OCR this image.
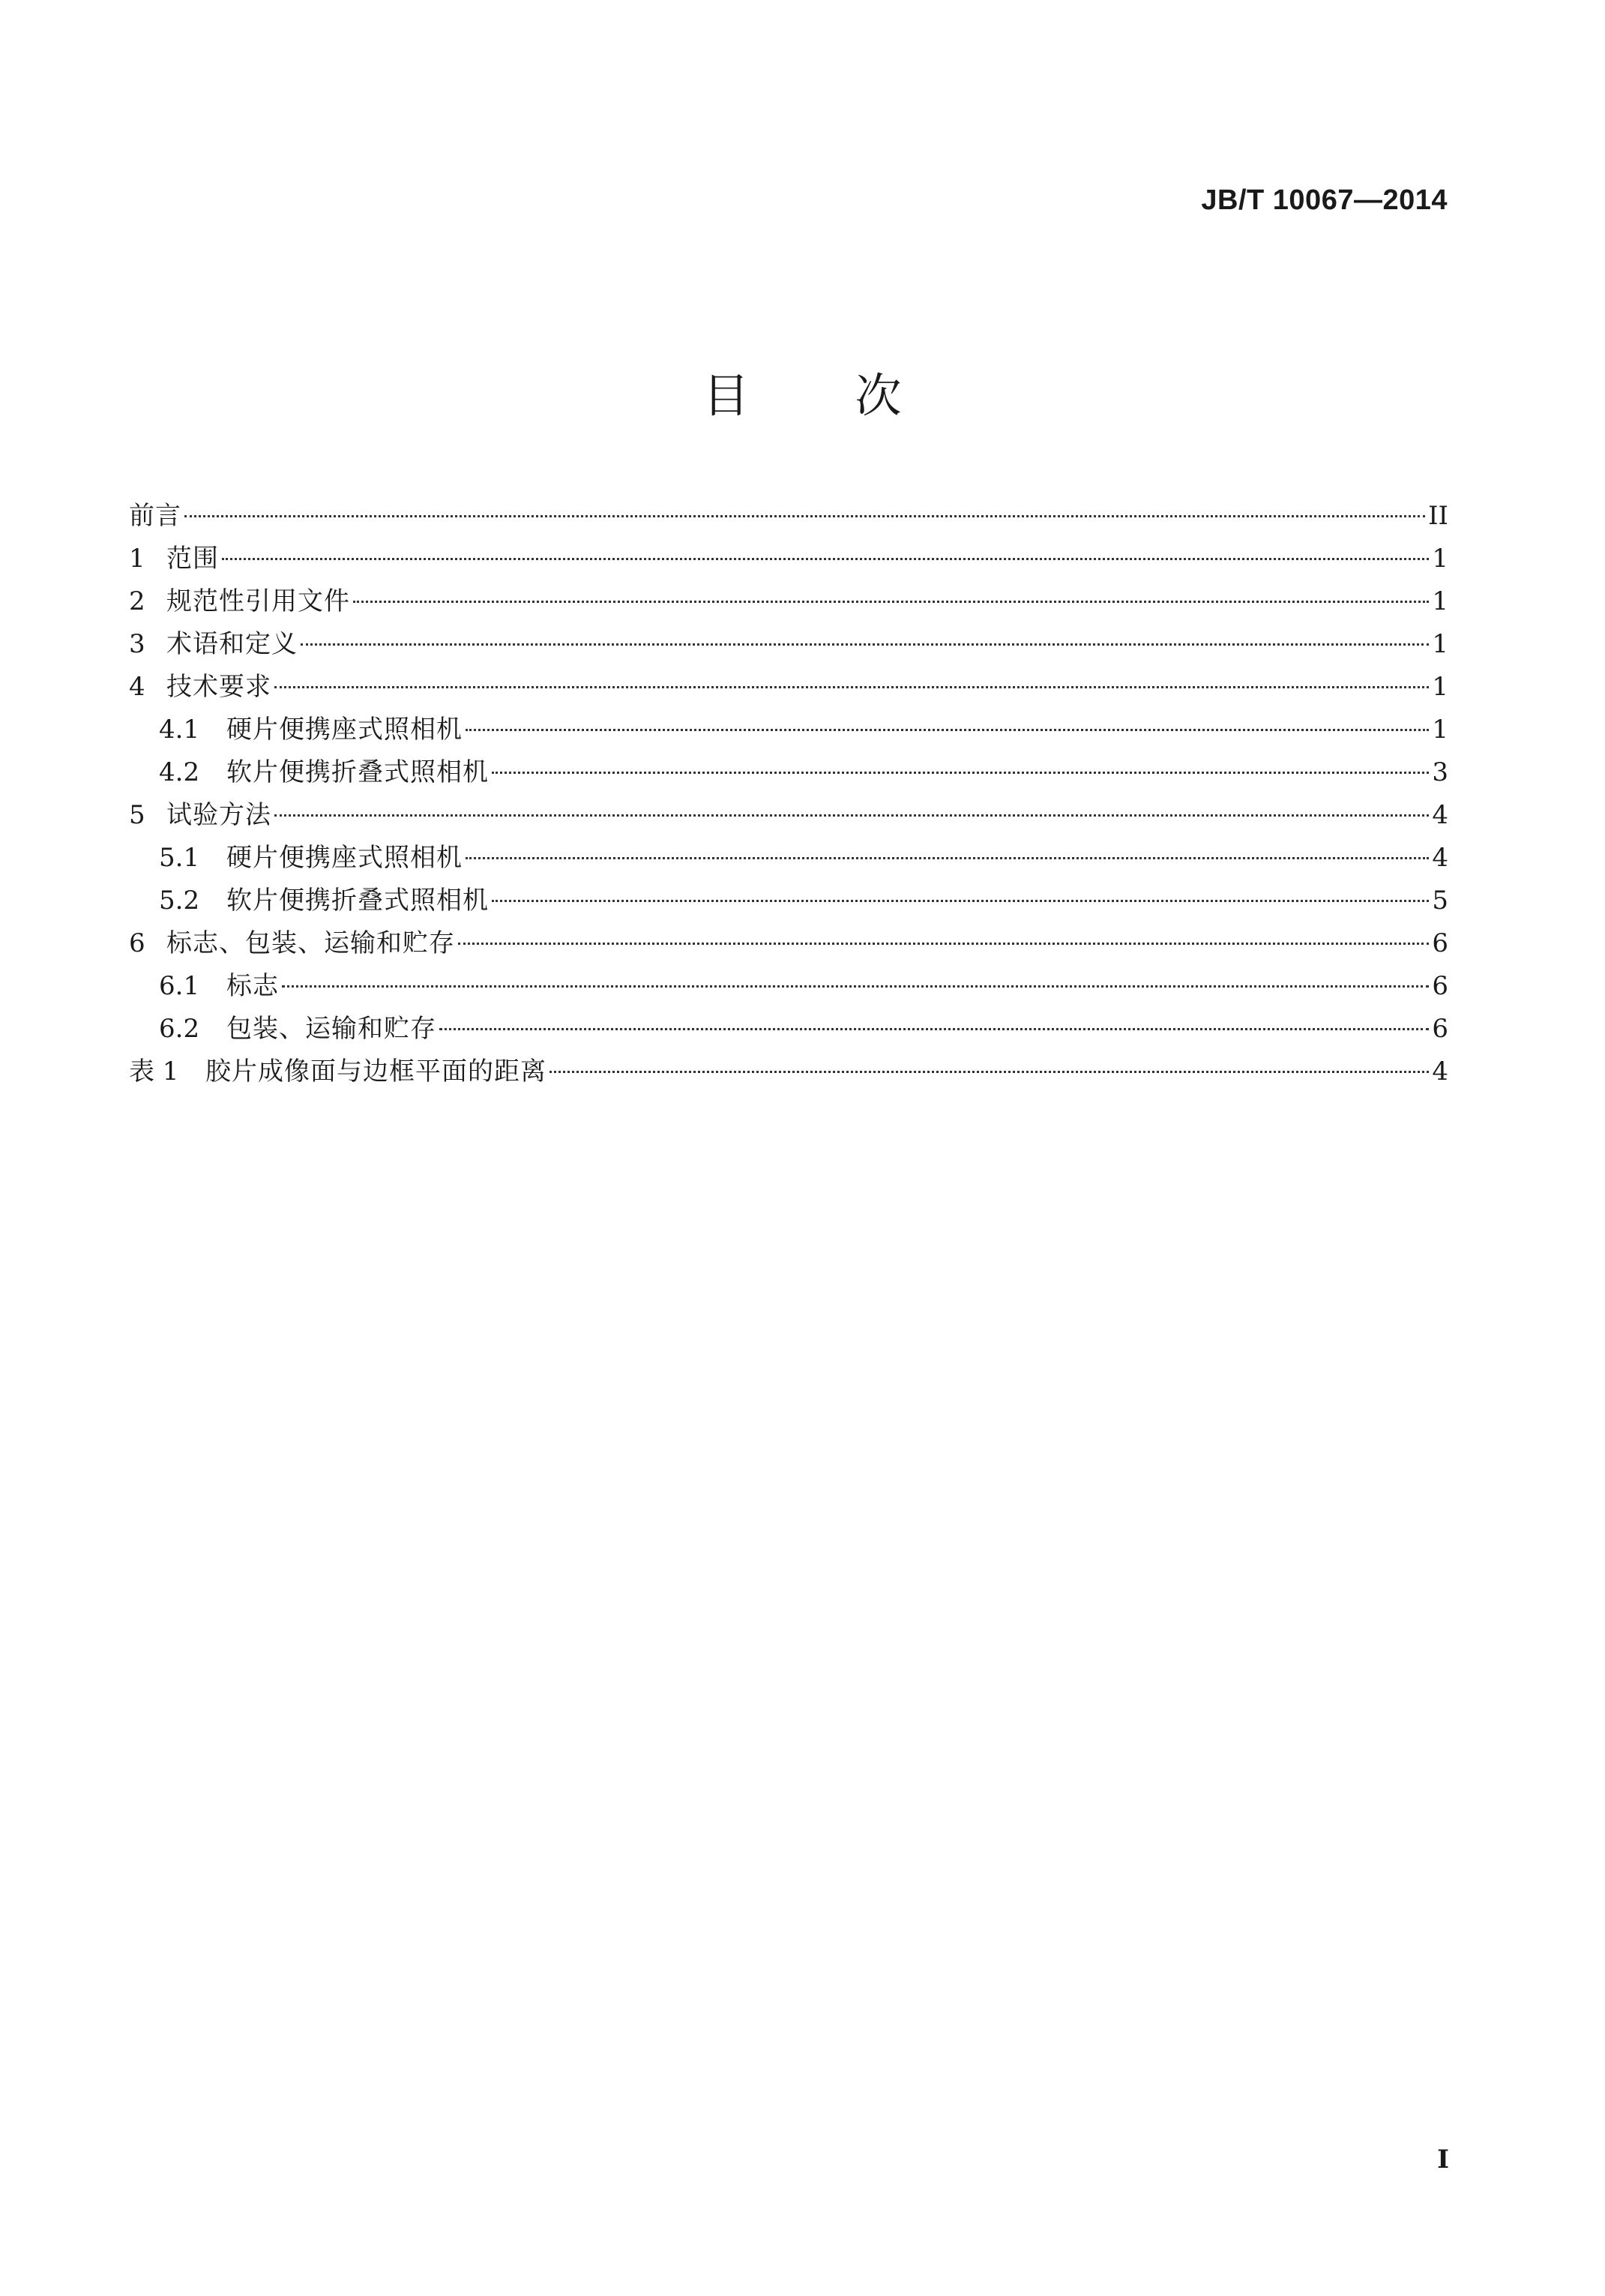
JB/T 10067—2014
目 次
前言	II
1 范围	1
2 规范性引用文件	1
3 术语和定义	1
4 技术要求	1
4.1	硬片便携座式照相机	1
4.2	软片便携折叠式照相机	3
5 试验方法	4
5.1	硬片便携座式照相机	4
5.2	软片便携折叠式照相机	5
6 标志、包装、运输和贮存	6
6.1	标志	6
6.2	包装、运输和贮存	6
表 1	胶片成像面与边框平面的距离	4
I
